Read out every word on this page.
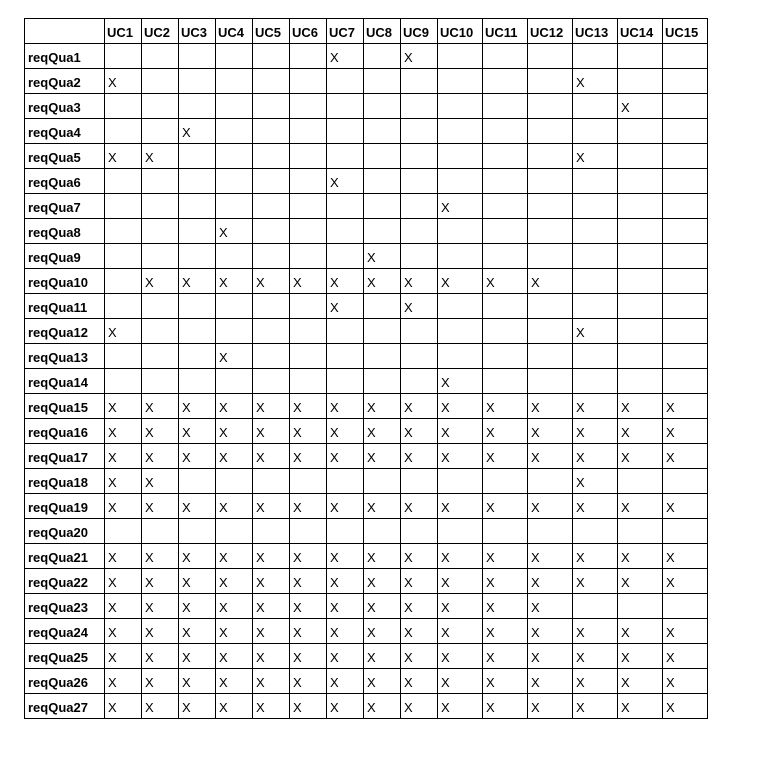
	UC1	UC2	UC3	UC4	UC5	UC6	UC7	UC8	UC9	UC10	UC11	UC12	UC13	UC14	UC15
reqQua1							X		X						
reqQua2	X												X		
reqQua3														X	
reqQua4			X												
reqQua5	X	X											X		
reqQua6							X								
reqQua7										X					
reqQua8				X											
reqQua9								X							
reqQua10		X	X	X	X	X	X	X	X	X	X	X			
reqQua11							X		X						
reqQua12	X												X		
reqQua13				X											
reqQua14										X					
reqQua15	X	X	X	X	X	X	X	X	X	X	X	X	X	X	X
reqQua16	X	X	X	X	X	X	X	X	X	X	X	X	X	X	X
reqQua17	X	X	X	X	X	X	X	X	X	X	X	X	X	X	X
reqQua18	X	X											X		
reqQua19	X	X	X	X	X	X	X	X	X	X	X	X	X	X	X
reqQua20															
reqQua21	X	X	X	X	X	X	X	X	X	X	X	X	X	X	X
reqQua22	X	X	X	X	X	X	X	X	X	X	X	X	X	X	X
reqQua23	X	X	X	X	X	X	X	X	X	X	X	X			
reqQua24	X	X	X	X	X	X	X	X	X	X	X	X	X	X	X
reqQua25	X	X	X	X	X	X	X	X	X	X	X	X	X	X	X
reqQua26	X	X	X	X	X	X	X	X	X	X	X	X	X	X	X
reqQua27	X	X	X	X	X	X	X	X	X	X	X	X	X	X	X
